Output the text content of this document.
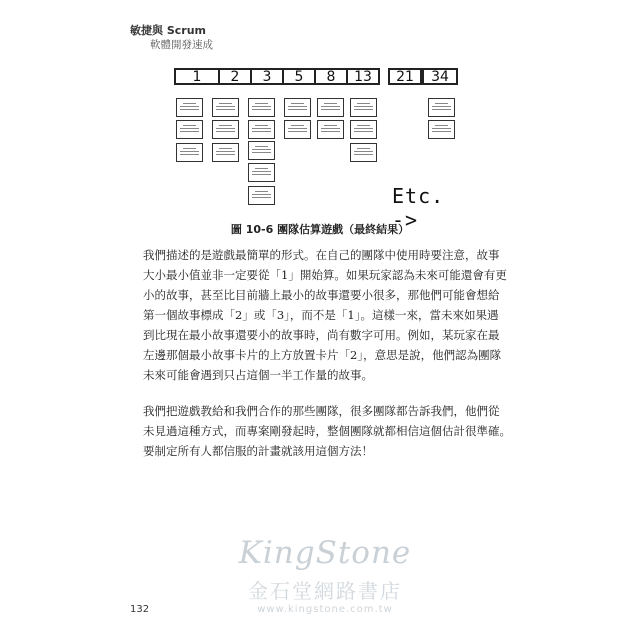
敏捷與 Scrum
軟體開發速成
1	2	3	5	8	13	21	34
Etc. ->
圖 10-6 團隊估算遊戲（最終結果）

我們描述的是遊戲最簡單的形式。在自己的團隊中使用時要注意，故事
大小最小值並非一定要從「1」開始算。如果玩家認為未來可能還會有更
小的故事，甚至比目前牆上最小的故事還要小很多，那他們可能會想給
第一個故事標成「2」或「3」，而不是「1」。這樣一來，當未來如果遇
到比現在最小故事還要小的故事時，尚有數字可用。例如，某玩家在最
左邊那個最小故事卡片的上方放置卡片「2」，意思是說，他們認為團隊
未來可能會遇到只占這個一半工作量的故事。

我們把遊戲教給和我們合作的那些團隊，很多團隊都告訴我們，他們從
未見過這種方式，而專案剛發起時，整個團隊就都相信這個估計很準確。
要制定所有人都信服的計畫就該用這個方法！

KingStone
金石堂網路書店
www.kingstone.com.tw
132
